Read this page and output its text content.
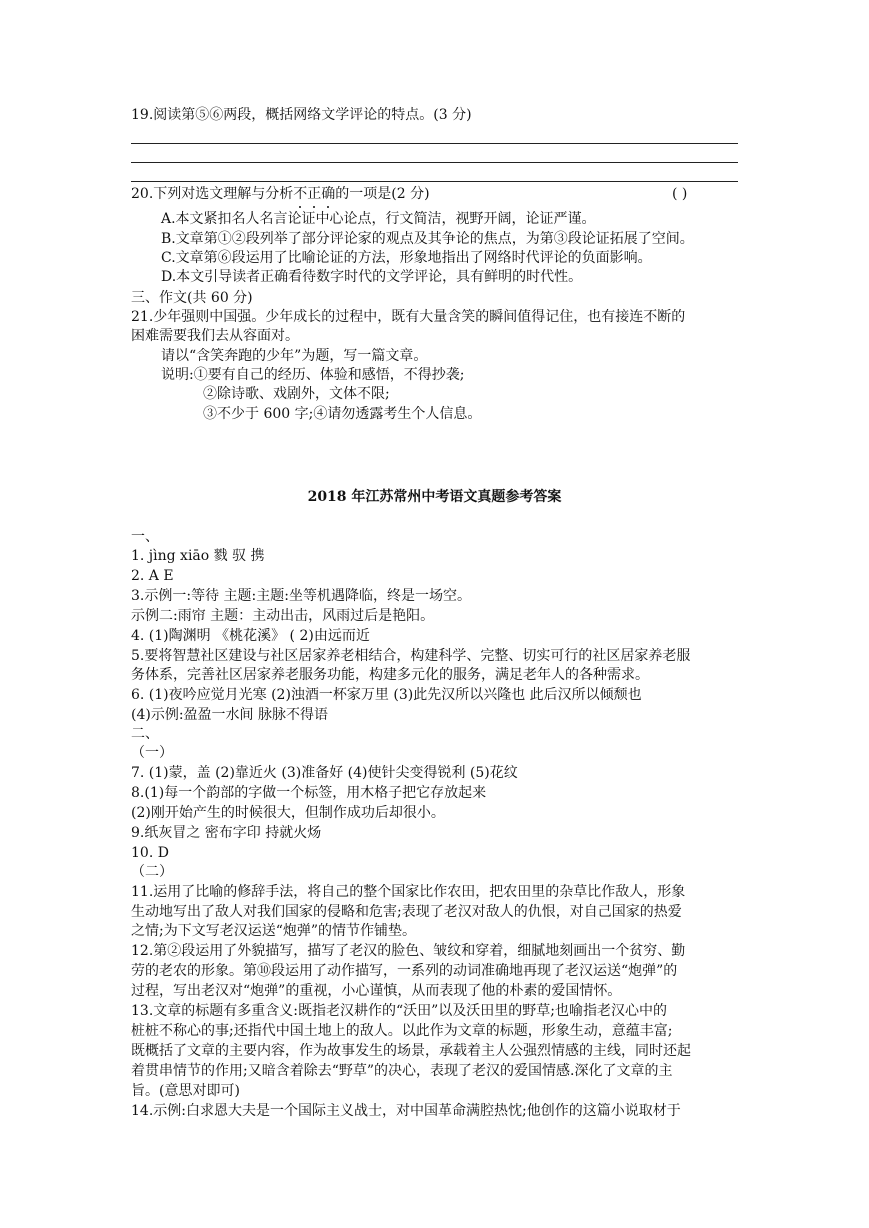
19.阅读第⑤⑥两段，概括网络文学评论的特点。(3 分)
20.下列对选文理解与分析不正确的一项是(2 分)	( )
A.本文紧扣名人名言论证中心论点，行文简洁，视野开阔，论证严谨。
B.文章第①②段列举了部分评论家的观点及其争论的焦点，为第③段论证拓展了空间。
C.文章第⑥段运用了比喻论证的方法，形象地指出了网络时代评论的负面影响。
D.本文引导读者正确看待数字时代的文学评论，具有鲜明的时代性。
三、作文(共 60 分)
21.少年强则中国强。少年成长的过程中，既有大量含笑的瞬间值得记住，也有接连不断的
困难需要我们去从容面对。
请以“含笑奔跑的少年”为题，写一篇文章。
说明:①要有自己的经历、体验和感悟，不得抄袭;
②除诗歌、戏剧外，文体不限;
③不少于 600 字;④请勿透露考生个人信息。
2018 年江苏常州中考语文真题参考答案
一、
1. jìng xiāo 戮 驭 携
2. A E
3.示例一:等待 主题:主题:坐等机遇降临，终是一场空。
示例二:雨帘 主题：主动出击，风雨过后是艳阳。
4. (1)陶渊明 《桃花溪》 ( 2)由远而近
5.要将智慧社区建设与社区居家养老相结合，构建科学、完整、切实可行的社区居家养老服
务体系，完善社区居家养老服务功能，构建多元化的服务，满足老年人的各种需求。
6. (1)夜吟应觉月光寒 (2)浊酒一杯家万里 (3)此先汉所以兴隆也 此后汉所以倾颓也
(4)示例:盈盈一水间 脉脉不得语
二、
（一）
7. (1)蒙，盖 (2)靠近火 (3)准备好 (4)使针尖变得锐利 (5)花纹
8.(1)每一个韵部的字做一个标签，用木格子把它存放起来
(2)刚开始产生的时候很大，但制作成功后却很小。
9.纸灰冒之 密布字印 持就火炀
10. D
（二）
11.运用了比喻的修辞手法，将自己的整个国家比作农田，把农田里的杂草比作敌人，形象
生动地写出了敌人对我们国家的侵略和危害;表现了老汉对敌人的仇恨，对自己国家的热爱
之情;为下文写老汉运送“炮弹”的情节作铺垫。
12.第②段运用了外貌描写，描写了老汉的脸色、皱纹和穿着，细腻地刻画出一个贫穷、勤
劳的老农的形象。第⑩段运用了动作描写，一系列的动词准确地再现了老汉运送“炮弹”的
过程，写出老汉对“炮弹”的重视，小心谨慎，从而表现了他的朴素的爱国情怀。
13.文章的标题有多重含义:既指老汉耕作的“沃田”以及沃田里的野草;也喻指老汉心中的
桩桩不称心的事;还指代中国土地上的敌人。以此作为文章的标题，形象生动，意蕴丰富;
既概括了文章的主要内容，作为故事发生的场景，承载着主人公强烈情感的主线，同时还起
着贯串情节的作用;又暗含着除去“野草”的决心，表现了老汉的爱国情感.深化了文章的主
旨。(意思对即可)
14.示例:白求恩大夫是一个国际主义战士，对中国革命满腔热忱;他创作的这篇小说取材于
